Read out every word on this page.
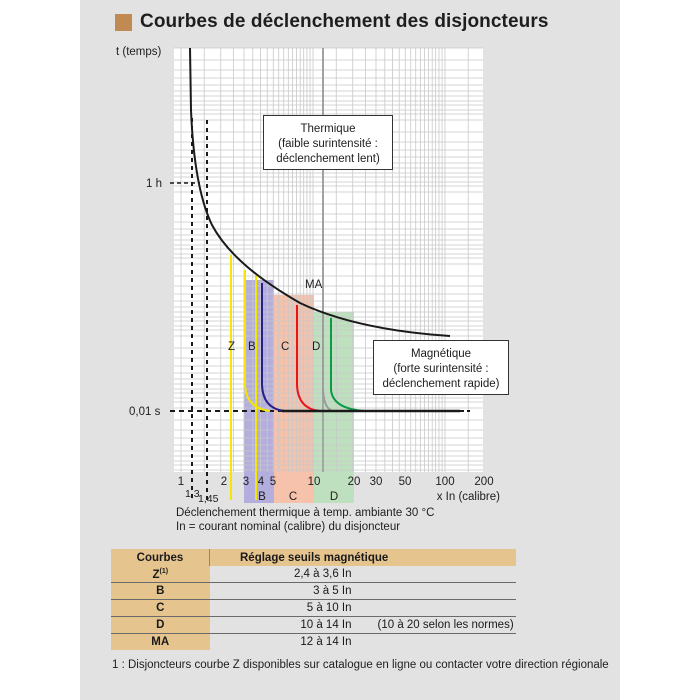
Courbes de déclenchement des disjoncteurs
t (temps)
1 h
0,01 s
Z B C D
MA
Thermique
(faible surintensité :
déclenchement lent)
Magnétique
(forte surintensité :
déclenchement rapide)
1	2 3 4 5	10 20 30 50 100 200
1,3
1,45	B C	D	x In (calibre)
Déclenchement thermique à temp. ambiante 30 °C
In = courant nominal (calibre) du disjoncteur
Courbes	Réglage seuils magnétique	
$Z^{(1)}$	2,4 à 3,6 In	
B	3 à 5 In	
C	5 à 10 In	
D	10 à 14 In	(10 à 20 selon les normes)
MA	12 à 14 In	
1 : Disjoncteurs courbe Z disponibles sur catalogue en ligne ou contacter votre direction régionale
